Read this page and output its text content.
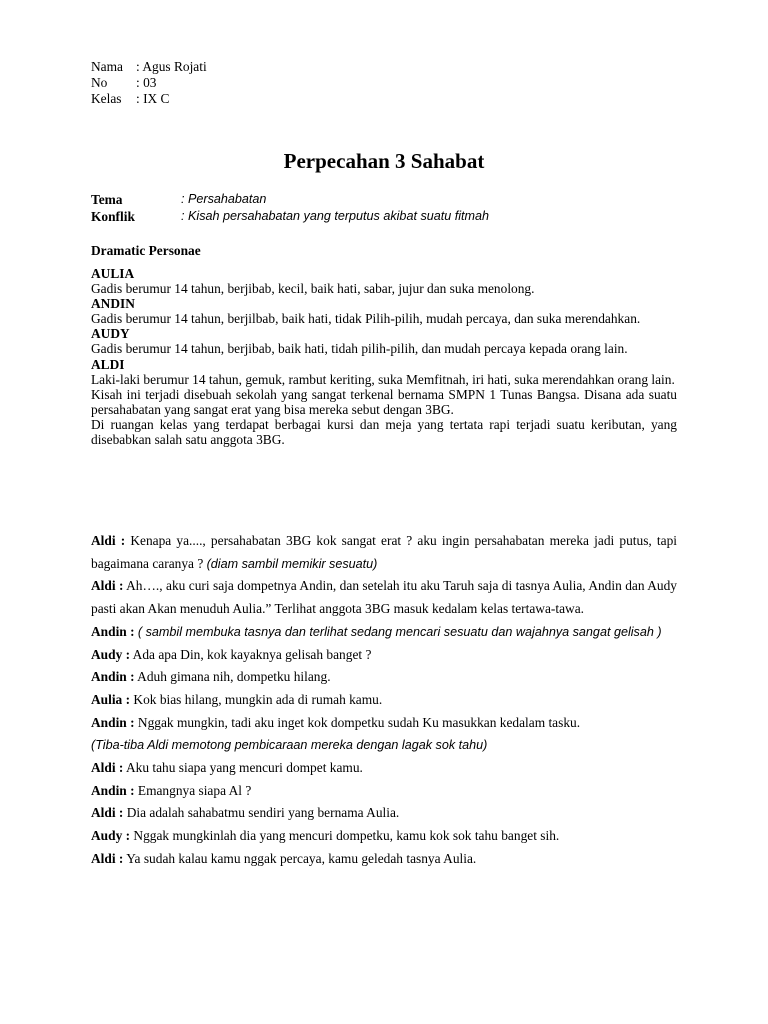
Nama : Agus Rojati
No	: 03
Kelas	: IX C
Perpecahan 3 Sahabat
Tema	: Persahabatan
Konflik	: Kisah persahabatan yang terputus akibat suatu fitmah
Dramatic Personae
AULIA
Gadis berumur 14 tahun, berjibab, kecil, baik hati, sabar, jujur dan suka menolong.
ANDIN
Gadis berumur 14 tahun, berjilbab, baik hati, tidak Pilih-pilih, mudah percaya, dan suka merendahkan.
AUDY
Gadis berumur 14 tahun, berjibab, baik hati, tidah pilih-pilih, dan mudah percaya kepada orang lain.
ALDI
Laki-laki berumur 14 tahun, gemuk, rambut keriting, suka Memfitnah, iri hati, suka merendahkan orang lain.
Kisah ini terjadi disebuah sekolah yang sangat terkenal bernama SMPN 1 Tunas Bangsa. Disana ada suatu persahabatan yang sangat erat yang bisa mereka sebut dengan 3BG.
Di ruangan kelas yang terdapat berbagai kursi dan meja yang tertata rapi terjadi suatu keributan, yang disebabkan salah satu anggota 3BG.
Aldi : Kenapa ya...., persahabatan 3BG kok sangat erat ? aku ingin persahabatan mereka jadi putus, tapi bagaimana caranya ? (diam sambil memikir sesuatu)
Aldi : Ah…., aku curi saja dompetnya Andin, dan setelah itu aku Taruh saja di tasnya Aulia, Andin dan Audy pasti akan Akan menuduh Aulia.” Terlihat anggota 3BG masuk kedalam kelas tertawa-tawa.
Andin : ( sambil membuka tasnya dan terlihat sedang mencari sesuatu dan wajahnya sangat gelisah )
Audy : Ada apa Din, kok kayaknya gelisah banget ?
Andin : Aduh gimana nih, dompetku hilang.
Aulia : Kok bias hilang, mungkin ada di rumah kamu.
Andin : Nggak mungkin, tadi aku inget kok dompetku sudah Ku masukkan kedalam tasku.
(Tiba-tiba Aldi memotong pembicaraan mereka dengan lagak sok tahu)
Aldi : Aku tahu siapa yang mencuri dompet kamu.
Andin : Emangnya siapa Al ?
Aldi : Dia adalah sahabatmu sendiri yang bernama Aulia.
Audy : Nggak mungkinlah dia yang mencuri dompetku, kamu kok sok tahu banget sih.
Aldi : Ya sudah kalau kamu nggak percaya, kamu geledah tasnya Aulia.
